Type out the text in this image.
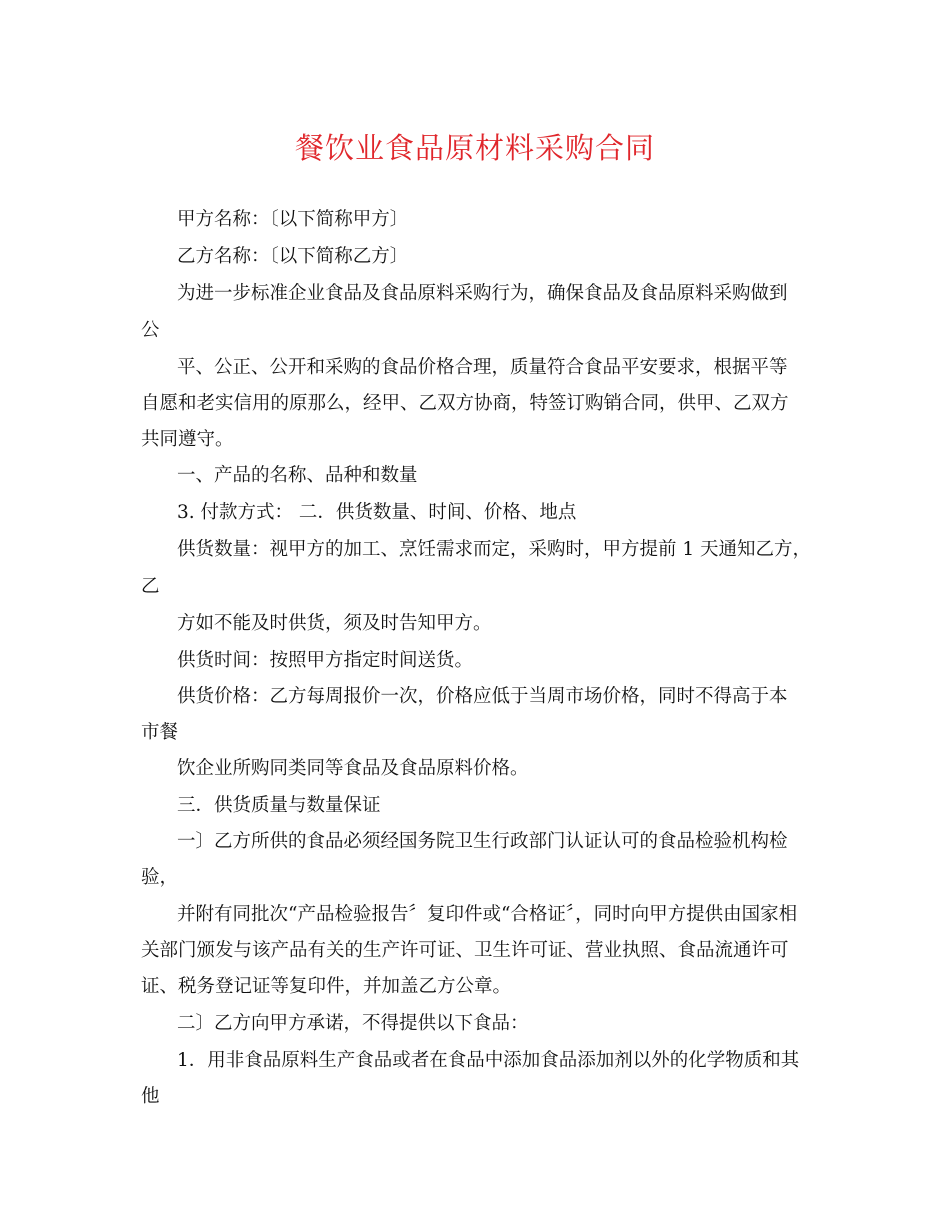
餐饮业食品原材料采购合同
甲方名称：〔以下简称甲方〕
乙方名称：〔以下简称乙方〕
为进一步标准企业食品及食品原料采购行为，确保食品及食品原料采购做到
公
平、公正、公开和采购的食品价格合理，质量符合食品平安要求，根据平等
自愿和老实信用的原那么，经甲、乙双方协商，特签订购销合同，供甲、乙双方
共同遵守。
一、产品的名称、品种和数量
3. 付款方式： 二．供货数量、时间、价格、地点
供货数量：视甲方的加工、烹饪需求而定，采购时，甲方提前 1 天通知乙方，
乙
方如不能及时供货，须及时告知甲方。
供货时间：按照甲方指定时间送货。
供货价格：乙方每周报价一次，价格应低于当周市场价格，同时不得高于本
市餐
饮企业所购同类同等食品及食品原料价格。
三．供货质量与数量保证
一〕乙方所供的食品必须经国务院卫生行政部门认证认可的食品检验机构检
验，
并附有同批次“产品检验报告〞复印件或“合格证〞，同时向甲方提供由国家相
关部门颁发与该产品有关的生产许可证、卫生许可证、营业执照、食品流通许可
证、税务登记证等复印件，并加盖乙方公章。
二〕乙方向甲方承诺，不得提供以下食品：
1．用非食品原料生产食品或者在食品中添加食品添加剂以外的化学物质和其
他
